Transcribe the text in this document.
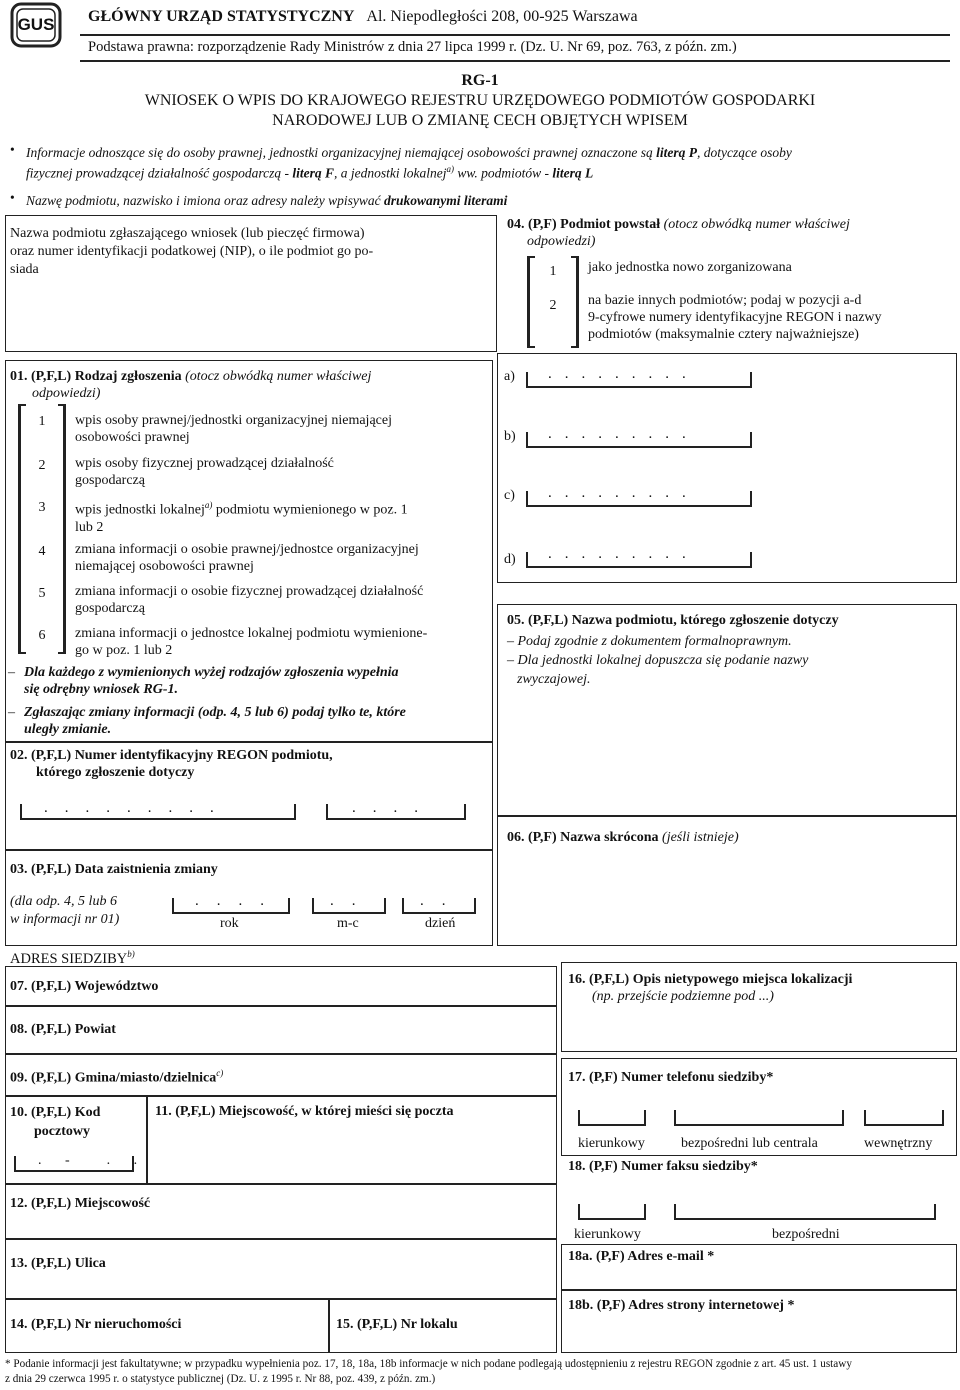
GUS	GŁÓWNY URZĄD STATYSTYCZNY Al. Niepodległości 208, 00-925 Warszawa
Podstawa prawna: rozporządzenie Rady Ministrów z dnia 27 lipca 1999 r. (Dz. U. Nr 69, poz. 763, z późn. zm.)
RG-1
WNIOSEK O WPIS DO KRAJOWEGO REJESTRU URZĘDOWEGO PODMIOTÓW GOSPODARKI
NARODOWEJ LUB O ZMIANĘ CECH OBJĘTYCH WPISEM
• Informacje odnoszące się do osoby prawnej, jednostki organizacyjnej niemającej osobowości prawnej oznaczone są literą P, dotyczące osoby
fizycznej prowadzącej działalność gospodarczą - literą F, a jednostki lokalnej$^{a)}$ ww. podmiotów - literą L
• Nazwę podmiotu, nazwisko i imiona oraz adresy należy wpisywać drukowanymi literami
Nazwa podmiotu zgłaszającego wniosek (lub pieczęć firmowa)
oraz numer identyfikacji podatkowej (NIP), o ile podmiot go po-
siada
04. (P,F) Podmiot powstał (otocz obwódką numer właściwej
odpowiedzi)
1	jako jednostka nowo zorganizowana
2	na bazie innych podmiotów; podaj w pozycji a-d
9-cyfrowe numery identyfikacyjne REGON i nazwy
podmiotów (maksymalnie cztery najważniejsze)
a) .........
b) .........
c) .........
d) .........
01. (P,F,L) Rodzaj zgłoszenia (otocz obwódką numer właściwej
odpowiedzi)
1	wpis osoby prawnej/jednostki organizacyjnej niemającej
osobowości prawnej
2	wpis osoby fizycznej prowadzącej działalność
gospodarczą
3	wpis jednostki lokalnej$^{a)}$ podmiotu wymienionego w poz. 1
lub 2
4	zmiana informacji o osobie prawnej/jednostce organizacyjnej
niemającej osobowości prawnej
5	zmiana informacji o osobie fizycznej prowadzącej działalność
gospodarczą
6	zmiana informacji o jednostce lokalnej podmiotu wymienione-
go w poz. 1 lub 2
– Dla każdego z wymienionych wyżej rodzajów zgłoszenia wypełnia
się odrębny wniosek RG-1.
– Zgłaszając zmiany informacji (odp. 4, 5 lub 6) podaj tylko te, które
uległy zmianie.
05. (P,F,L) Nazwa podmiotu, którego zgłoszenie dotyczy
– Podaj zgodnie z dokumentem formalnoprawnym.
– Dla jednostki lokalnej dopuszcza się podanie nazwy
zwyczajowej.
02. (P,F,L) Numer identyfikacyjny REGON podmiotu,
którego zgłoszenie dotyczy
.........	....
06. (P,F) Nazwa skrócona (jeśli istnieje)
03. (P,F,L) Data zaistnienia zmiany
(dla odp. 4, 5 lub 6
w informacji nr 01)
....	..	..
rok	m-c	dzień
ADRES SIEDZIBY$^{b)}$
07. (P,F,L) Województwo
08. (P,F,L) Powiat
09. (P,F,L) Gmina/miasto/dzielnica$^{c)}$
10. (P,F,L) Kod
pocztowy
. -  . .
11. (P,F,L) Miejscowość, w której mieści się poczta
12. (P,F,L) Miejscowość
13. (P,F,L) Ulica
14. (P,F,L) Nr nieruchomości	15. (P,F,L) Nr lokalu
16. (P,F,L) Opis nietypowego miejsca lokalizacji
(np. przejście podziemne pod ...)
17. (P,F) Numer telefonu siedziby*
kierunkowy	bezpośredni lub centrala	wewnętrzny
18. (P,F) Numer faksu siedziby*
kierunkowy	bezpośredni
18a. (P,F) Adres e-mail *
18b. (P,F) Adres strony internetowej *
* Podanie informacji jest fakultatywne; w przypadku wypełnienia poz. 17, 18, 18a, 18b informacje w nich podane podlegają udostępnieniu z rejestru REGON zgodnie z art. 45 ust. 1 ustawy
z dnia 29 czerwca 1995 r. o statystyce publicznej (Dz. U. z 1995 r. Nr 88, poz. 439, z późn. zm.)
